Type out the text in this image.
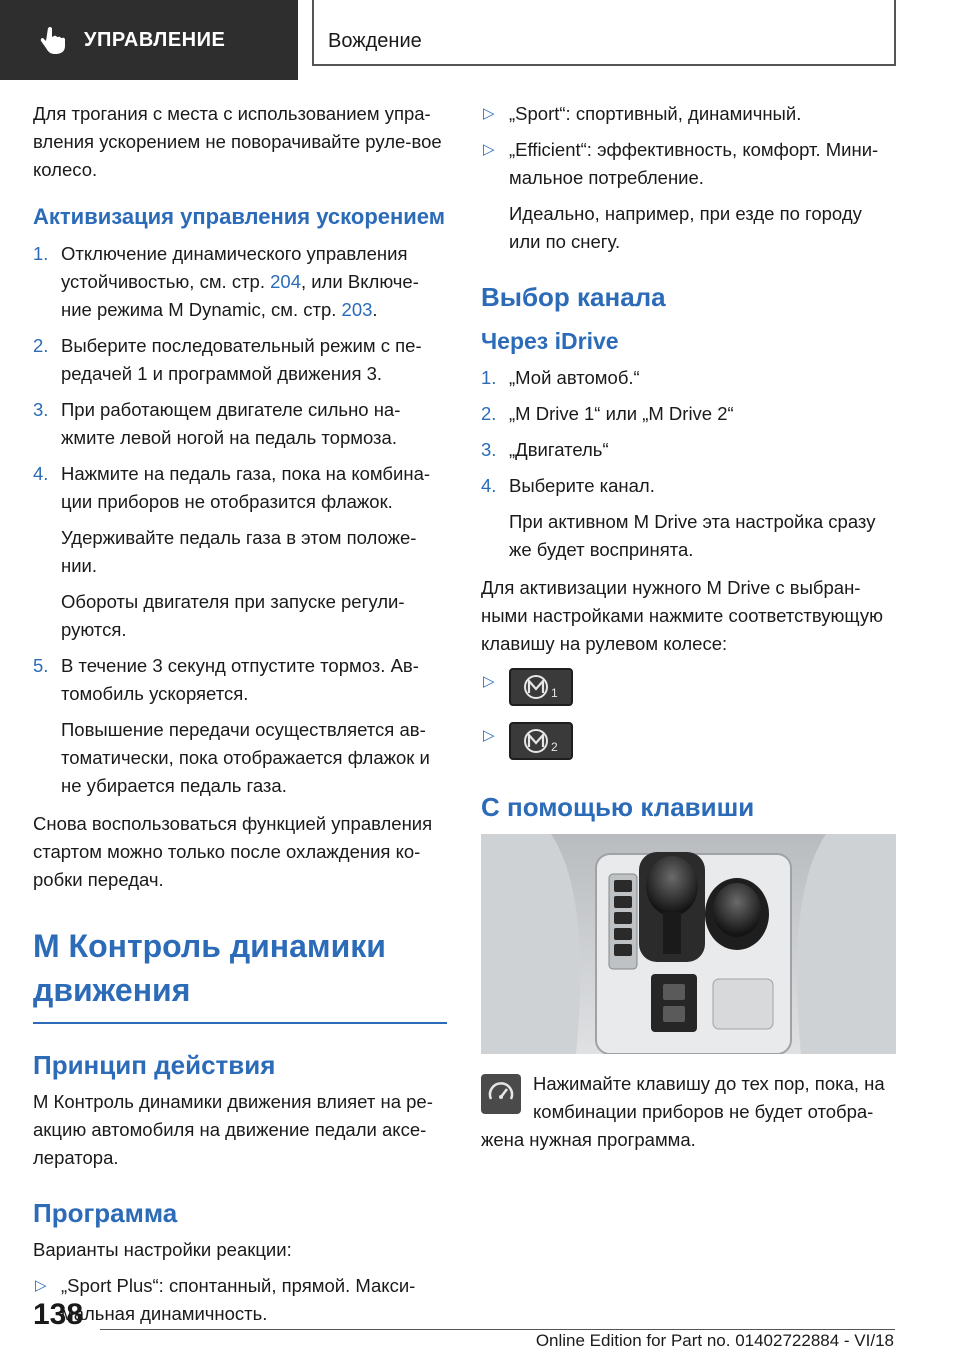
УПРАВЛЕНИЕ	Вождение

Для трогания с места с использованием упра-вления ускорением не поворачивайте руле-вое колесо.

Активизация управления ускорением
1. Отключение динамического управления устойчивостью, см. стр. 204, или Включе-ние режима M Dynamic, см. стр. 203.
2. Выберите последовательный режим с пе-редачей 1 и программой движения 3.
3. При работающем двигателе сильно на-жмите левой ногой на педаль тормоза.
4. Нажмите на педаль газа, пока на комбина-ции приборов не отобразится флажок.

Удерживайте педаль газа в этом положе-нии.

Обороты двигателя при запуске регули-руются.

5. В течение 3 секунд отпустите тормоз. Ав-томобиль ускоряется.

Повышение передачи осуществляется ав-томатически, пока отображается флажок и не убирается педаль газа.

Снова воспользоваться функцией управления стартом можно только после охлаждения ко-робки передач.

M Контроль динамики движения
Принцип действия

M Контроль динамики движения влияет на ре-акцию автомобиля на движение педали аксе-лератора.

Программа

Варианты настройки реакции:

▷ „Sport Plus“: спонтанный, прямой. Макси-мальная динамичность.
▷ „Sport“: спортивный, динамичный.
▷ „Efficient“: эффективность, комфорт. Мини-мальное потребление.

Идеально, например, при езде по городу или по снегу.

Выбор канала
Через iDrive
1. „Мой автомоб.“
2. „M Drive 1“ или „M Drive 2“
3. „Двигатель“
4. Выберите канал.

При активном M Drive эта настройка сразу же будет воспринята.

Для активизации нужного M Drive с выбран-ными настройками нажмите соответствующую клавишу на рулевом колесе:

▷
1
▷
2
С помощью клавиши
Нажимайте клавишу до тех пор, пока, на комбинации приборов не будет отобра-жена нужная программа.
138
Online Edition for Part no. 01402722884 - VI/18
